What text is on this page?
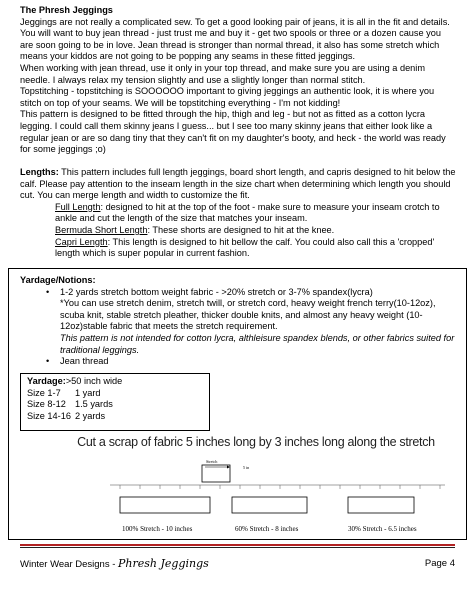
The Phresh Jeggings

Jeggings are not really a complicated sew. To get a good looking pair of jeans, it is all in the fit and details. You will want to buy jean thread - just trust me and buy it - get two spools or three or a dozen cause you are soon going to be in love. Jean thread is stronger than normal thread, it also has some stretch which means your kiddos are not going to be popping any seams in these fitted jeggings.

When working with jean thread, use it only in your top thread, and make sure you are using a denim needle. I always relax my tension slightly and use a slightly longer than normal stitch.

Topstitching - topstitching is SOOOOOO important to giving jeggings an authentic look, it is where you stitch on top of your seams. We will be topstitching everything - I'm not kidding!

This pattern is designed to be fitted through the hip, thigh and leg - but not as fitted as a cotton lycra legging. I could call them skinny jeans I guess... but I see too many skinny jeans that either look like a regular jean or are so dang tiny that they can't fit on my daughter's booty, and heck - the world was ready for some jeggings ;o)

Lengths: This pattern includes full length jeggings, board short length, and capris designed to hit below the calf. Please pay attention to the inseam length in the size chart when determining which length you should cut. You can merge length and width to customize the fit.

Full Length: designed to hit at the top of the foot - make sure to measure your inseam crotch to ankle and cut the length of the size that matches your inseam.

Bermuda Short Length: These shorts are designed to hit at the knee.

Capri Length: This length is designed to hit bellow the calf. You could also call this a 'cropped' length which is super popular in current fashion.

Yardage/Notions:

• 1-2 yards stretch bottom weight fabric - >20% stretch or 3-7% spandex(lycra)

*You can use stretch denim, stretch twill, or stretch cord, heavy weight french terry(10-12oz), scuba knit, stable stretch pleather, thicker double knits, and almost any heavy weight (10-12oz)stable fabric that meets the stretch requirement.

This pattern is not intended for cotton lycra, althleisure spandex blends, or other fabrics suited for traditional leggings.

• Jean thread

Yardage:>50 inch wide
Size 1-7 1 yard
Size 8-12 1.5 yards
Size 14-16 2 yards
Cut a scrap of fabric 5 inches long by 3 inches long along the stretch
Stretch
5 in
100% Stretch - 10 inches	60% Stretch - 8 inches	30% Stretch - 6.5 inches
Winter Wear Designs - Phresh Jeggings	Page 4
